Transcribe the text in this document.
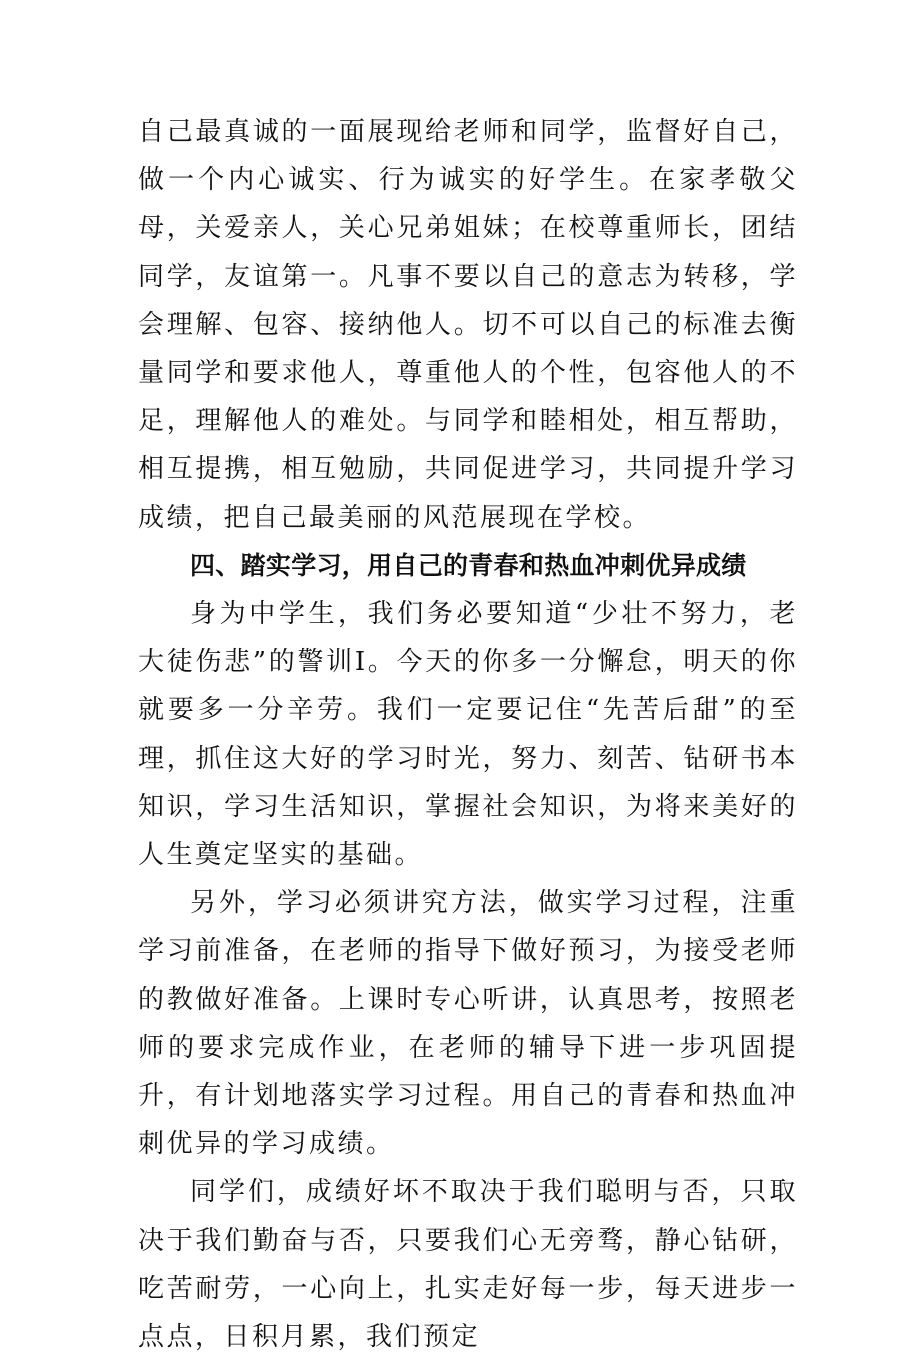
自己最真诚的一面展现给老师和同学，监督好自己，做一个内心诚实、行为诚实的好学生。在家孝敬父母，关爱亲人，关心兄弟姐妹；在校尊重师长，团结同学，友谊第一。凡事不要以自己的意志为转移，学会理解、包容、接纳他人。切不可以自己的标准去衡量同学和要求他人，尊重他人的个性，包容他人的不足，理解他人的难处。与同学和睦相处，相互帮助，相互提携，相互勉励，共同促进学习，共同提升学习成绩，把自己最美丽的风范展现在学校。

四、踏实学习，用自己的青春和热血冲刺优异成绩

身为中学生，我们务必要知道“少壮不努力，老大徒伤悲”的警训I。今天的你多一分懈怠，明天的你就要多一分辛劳。我们一定要记住“先苦后甜”的至理，抓住这大好的学习时光，努力、刻苦、钻研书本知识，学习生活知识，掌握社会知识，为将来美好的人生奠定坚实的基础。

另外，学习必须讲究方法，做实学习过程，注重学习前准备，在老师的指导下做好预习，为接受老师的教做好准备。上课时专心听讲，认真思考，按照老师的要求完成作业，在老师的辅导下进一步巩固提升，有计划地落实学习过程。用自己的青春和热血冲刺优异的学习成绩。

同学们，成绩好坏不取决于我们聪明与否，只取决于我们勤奋与否，只要我们心无旁骛，静心钻研，吃苦耐劳，一心向上，扎实走好每一步，每天进步一点点，日积月累，我们预定
